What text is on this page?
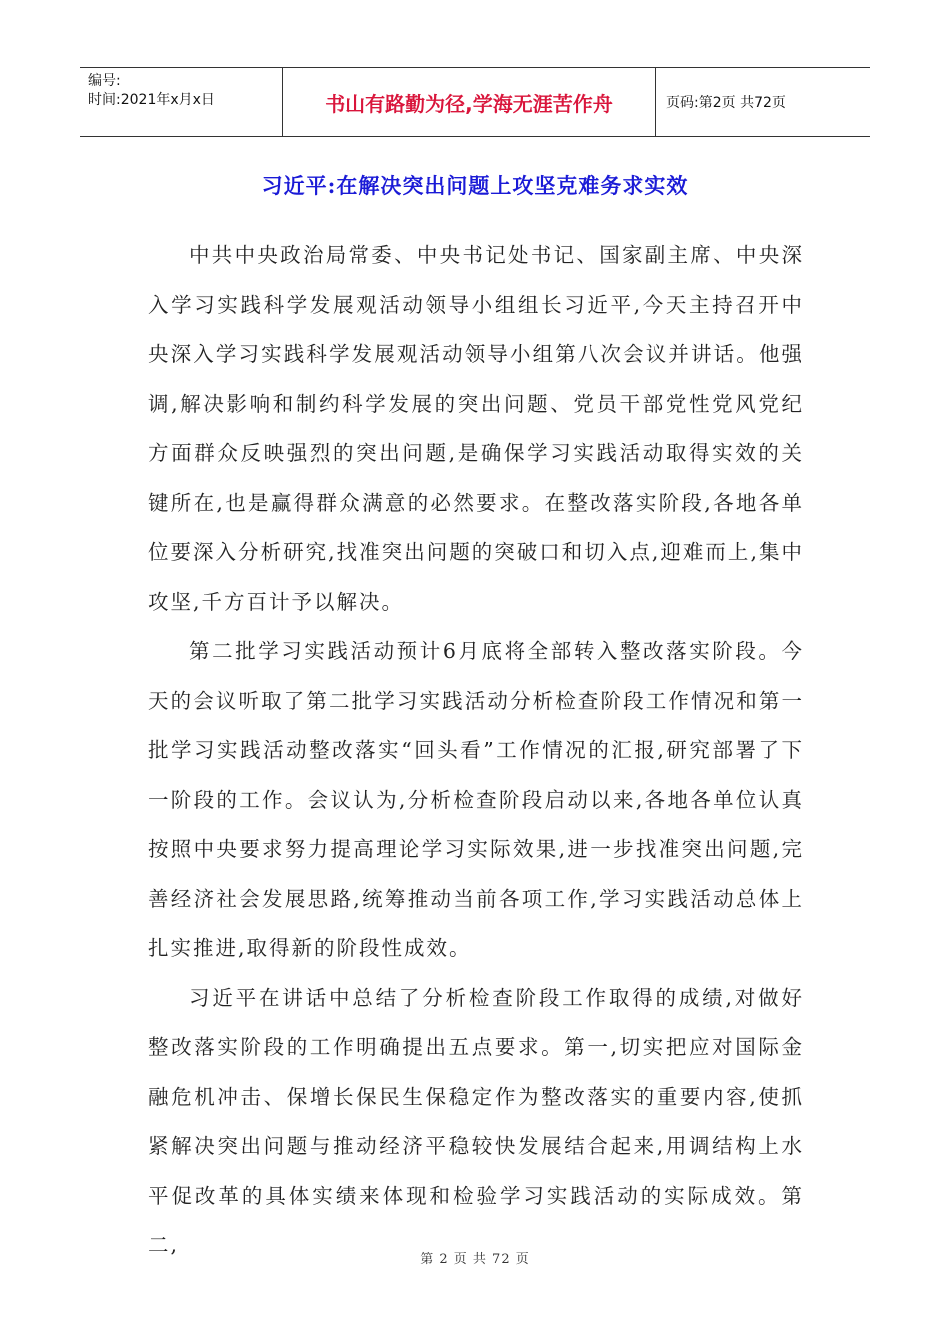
编号:
时间:2021年x月x日	书山有路勤为径,学海无涯苦作舟	页码:第2页 共72页
习近平:在解决突出问题上攻坚克难务求实效

中共中央政治局常委、中央书记处书记、国家副主席、中央深入学习实践科学发展观活动领导小组组长习近平,今天主持召开中央深入学习实践科学发展观活动领导小组第八次会议并讲话。他强调,解决影响和制约科学发展的突出问题、党员干部党性党风党纪方面群众反映强烈的突出问题,是确保学习实践活动取得实效的关键所在,也是赢得群众满意的必然要求。在整改落实阶段,各地各单位要深入分析研究,找准突出问题的突破口和切入点,迎难而上,集中攻坚,千方百计予以解决。

第二批学习实践活动预计6月底将全部转入整改落实阶段。今天的会议听取了第二批学习实践活动分析检查阶段工作情况和第一批学习实践活动整改落实“回头看”工作情况的汇报,研究部署了下一阶段的工作。会议认为,分析检查阶段启动以来,各地各单位认真按照中央要求努力提高理论学习实际效果,进一步找准突出问题,完善经济社会发展思路,统筹推动当前各项工作,学习实践活动总体上扎实推进,取得新的阶段性成效。

习近平在讲话中总结了分析检查阶段工作取得的成绩,对做好整改落实阶段的工作明确提出五点要求。第一,切实把应对国际金融危机冲击、保增长保民生保稳定作为整改落实的重要内容,使抓紧解决突出问题与推动经济平稳较快发展结合起来,用调结构上水平促改革的具体实绩来体现和检验学习实践活动的实际成效。第二,

第 2 页 共 72 页
